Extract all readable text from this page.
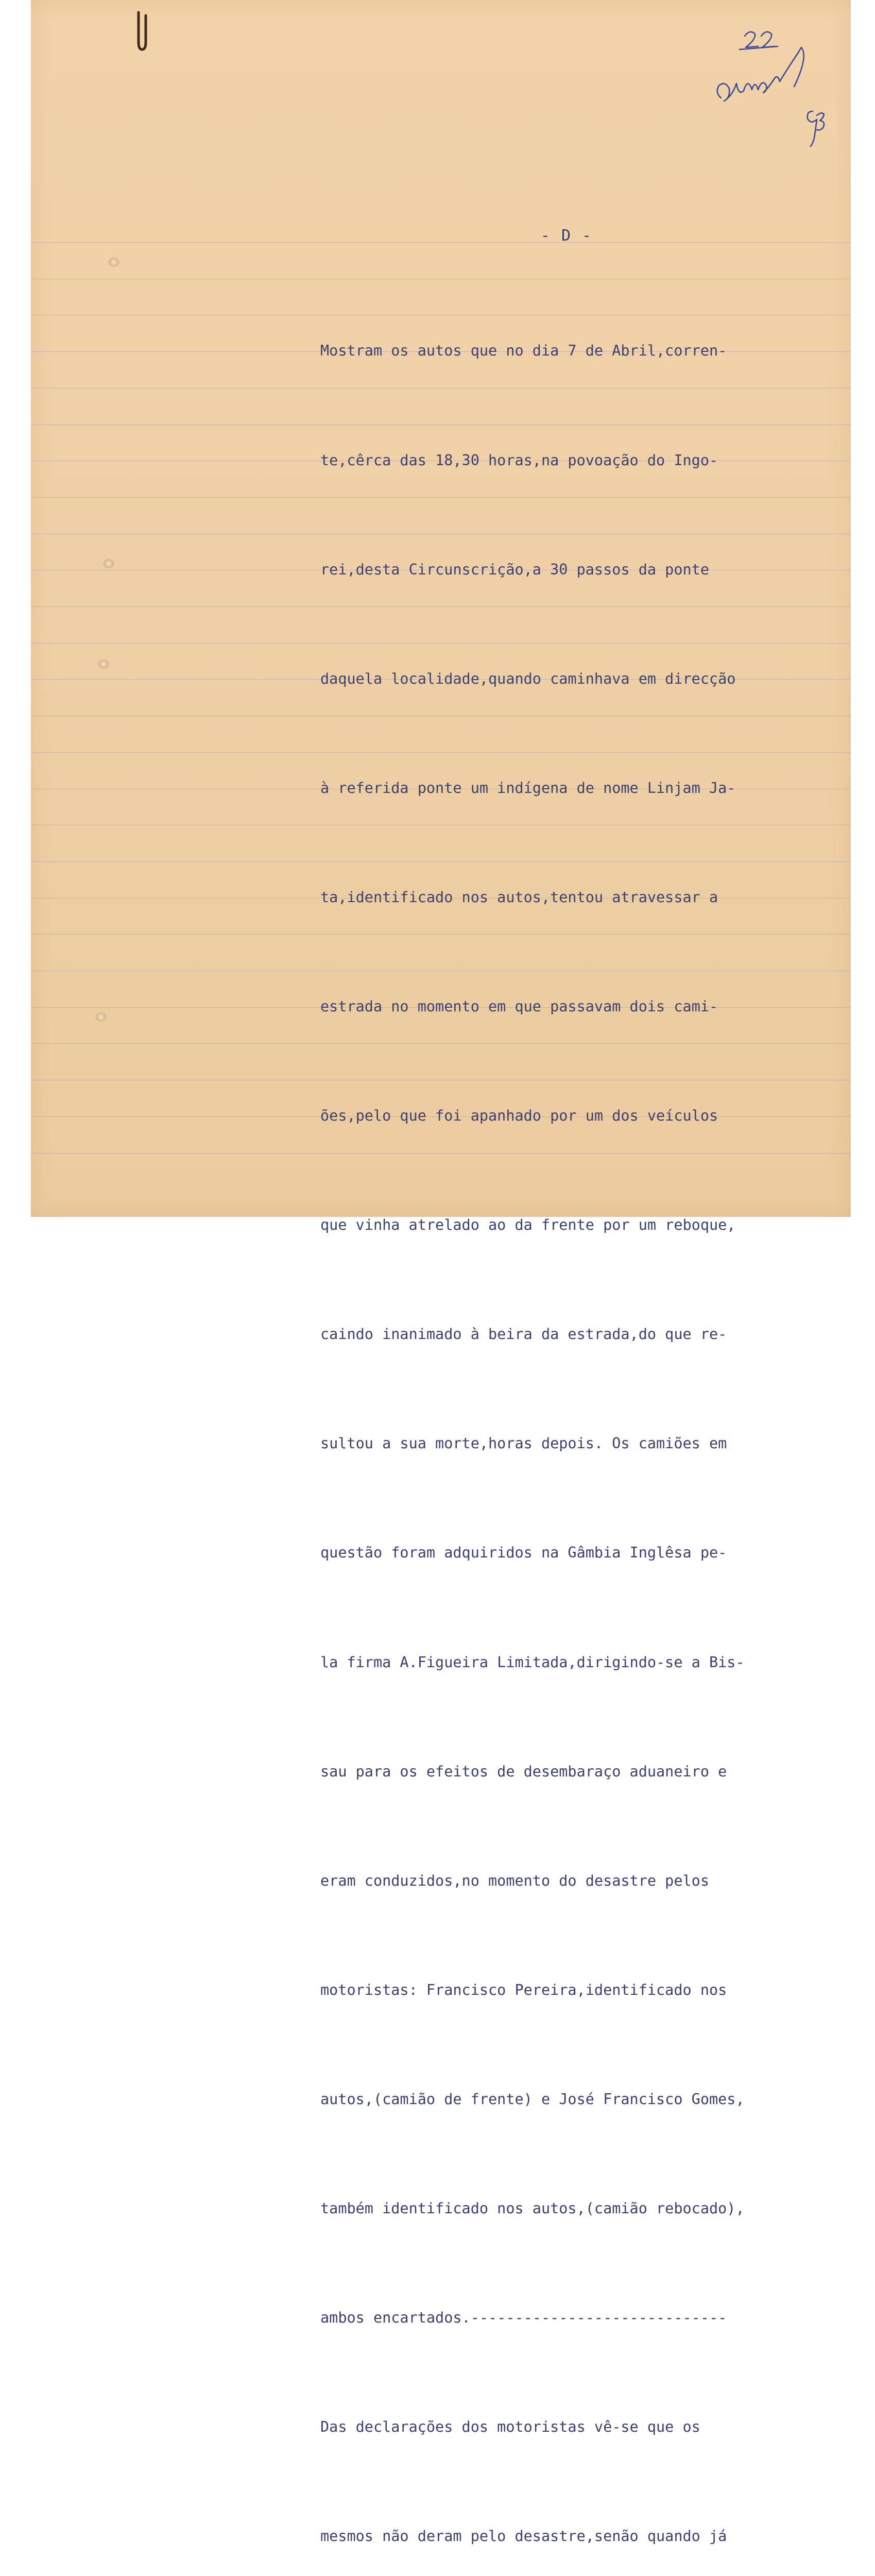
- D -

Mostram os autos que no dia 7 de Abril,corren-

te,cêrca das 18,30 horas,na povoação do Ingo-

rei,desta Circunscrição,a 30 passos da ponte

daquela localidade,quando caminhava em direcção

à referida ponte um indígena de nome Linjam Ja-

ta,identificado nos autos,tentou atravessar a

estrada no momento em que passavam dois cami-

ões,pelo que foi apanhado por um dos veículos

que vinha atrelado ao da frente por um reboque,

caindo inanimado à beira da estrada,do que re-

sultou a sua morte,horas depois. Os camiões em

questão foram adquiridos na Gâmbia Inglêsa pe-

la firma A.Figueira Limitada,dirigindo-se a Bis-

sau para os efeitos de desembaraço aduaneiro e

eram conduzidos,no momento do desastre pelos

motoristas: Francisco Pereira,identificado nos

autos,(camião de frente) e José Francisco Gomes,

também identificado nos autos,(camião rebocado),

ambos encartados.-----------------------------

Das declarações dos motoristas vê-se que os

mesmos não deram pelo desastre,senão quando já
